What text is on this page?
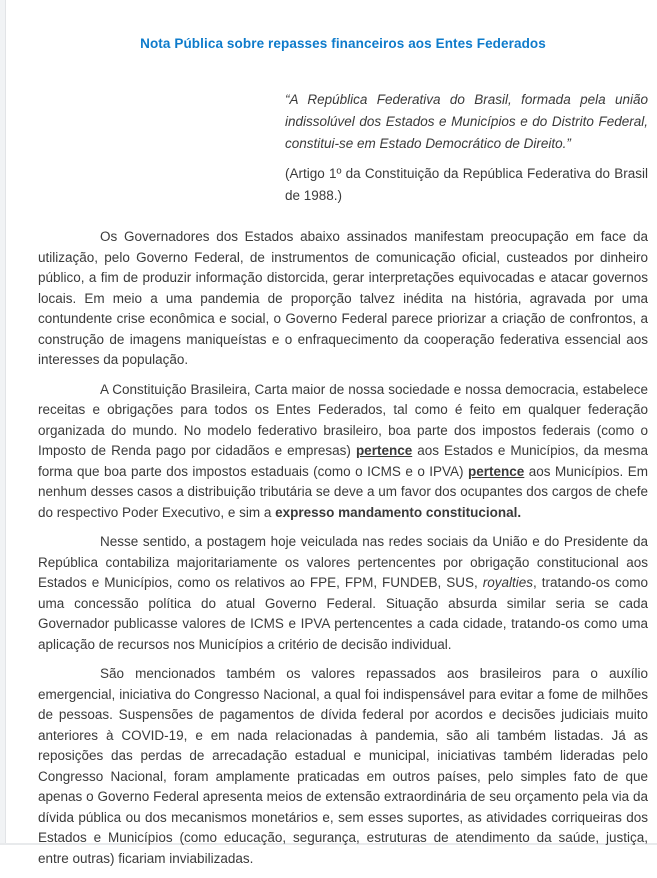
Nota Pública sobre repasses financeiros aos Entes Federados
“A República Federativa do Brasil, formada pela união indissolúvel dos Estados e Municípios e do Distrito Federal, constitui-se em Estado Democrático de Direito.”
(Artigo 1º da Constituição da República Federativa do Brasil de 1988.)

Os Governadores dos Estados abaixo assinados manifestam preocupação em face da utilização, pelo Governo Federal, de instrumentos de comunicação oficial, custeados por dinheiro público, a fim de produzir informação distorcida, gerar interpretações equivocadas e atacar governos locais. Em meio a uma pandemia de proporção talvez inédita na história, agravada por uma contundente crise econômica e social, o Governo Federal parece priorizar a criação de confrontos, a construção de imagens maniqueístas e o enfraquecimento da cooperação federativa essencial aos interesses da população.

A Constituição Brasileira, Carta maior de nossa sociedade e nossa democracia, estabelece receitas e obrigações para todos os Entes Federados, tal como é feito em qualquer federação organizada do mundo. No modelo federativo brasileiro, boa parte dos impostos federais (como o Imposto de Renda pago por cidadãos e empresas) pertence aos Estados e Municípios, da mesma forma que boa parte dos impostos estaduais (como o ICMS e o IPVA) pertence aos Municípios. Em nenhum desses casos a distribuição tributária se deve a um favor dos ocupantes dos cargos de chefe do respectivo Poder Executivo, e sim a expresso mandamento constitucional.

Nesse sentido, a postagem hoje veiculada nas redes sociais da União e do Presidente da República contabiliza majoritariamente os valores pertencentes por obrigação constitucional aos Estados e Municípios, como os relativos ao FPE, FPM, FUNDEB, SUS, royalties, tratando-os como uma concessão política do atual Governo Federal. Situação absurda similar seria se cada Governador publicasse valores de ICMS e IPVA pertencentes a cada cidade, tratando-os como uma aplicação de recursos nos Municípios a critério de decisão individual.

São mencionados também os valores repassados aos brasileiros para o auxílio emergencial, iniciativa do Congresso Nacional, a qual foi indispensável para evitar a fome de milhões de pessoas. Suspensões de pagamentos de dívida federal por acordos e decisões judiciais muito anteriores à COVID-19, e em nada relacionadas à pandemia, são ali também listadas. Já as reposições das perdas de arrecadação estadual e municipal, iniciativas também lideradas pelo Congresso Nacional, foram amplamente praticadas em outros países, pelo simples fato de que apenas o Governo Federal apresenta meios de extensão extraordinária de seu orçamento pela via da dívida pública ou dos mecanismos monetários e, sem esses suportes, as atividades corriqueiras dos Estados e Municípios (como educação, segurança, estruturas de atendimento da saúde, justiça, entre outras) ficariam inviabilizadas.
